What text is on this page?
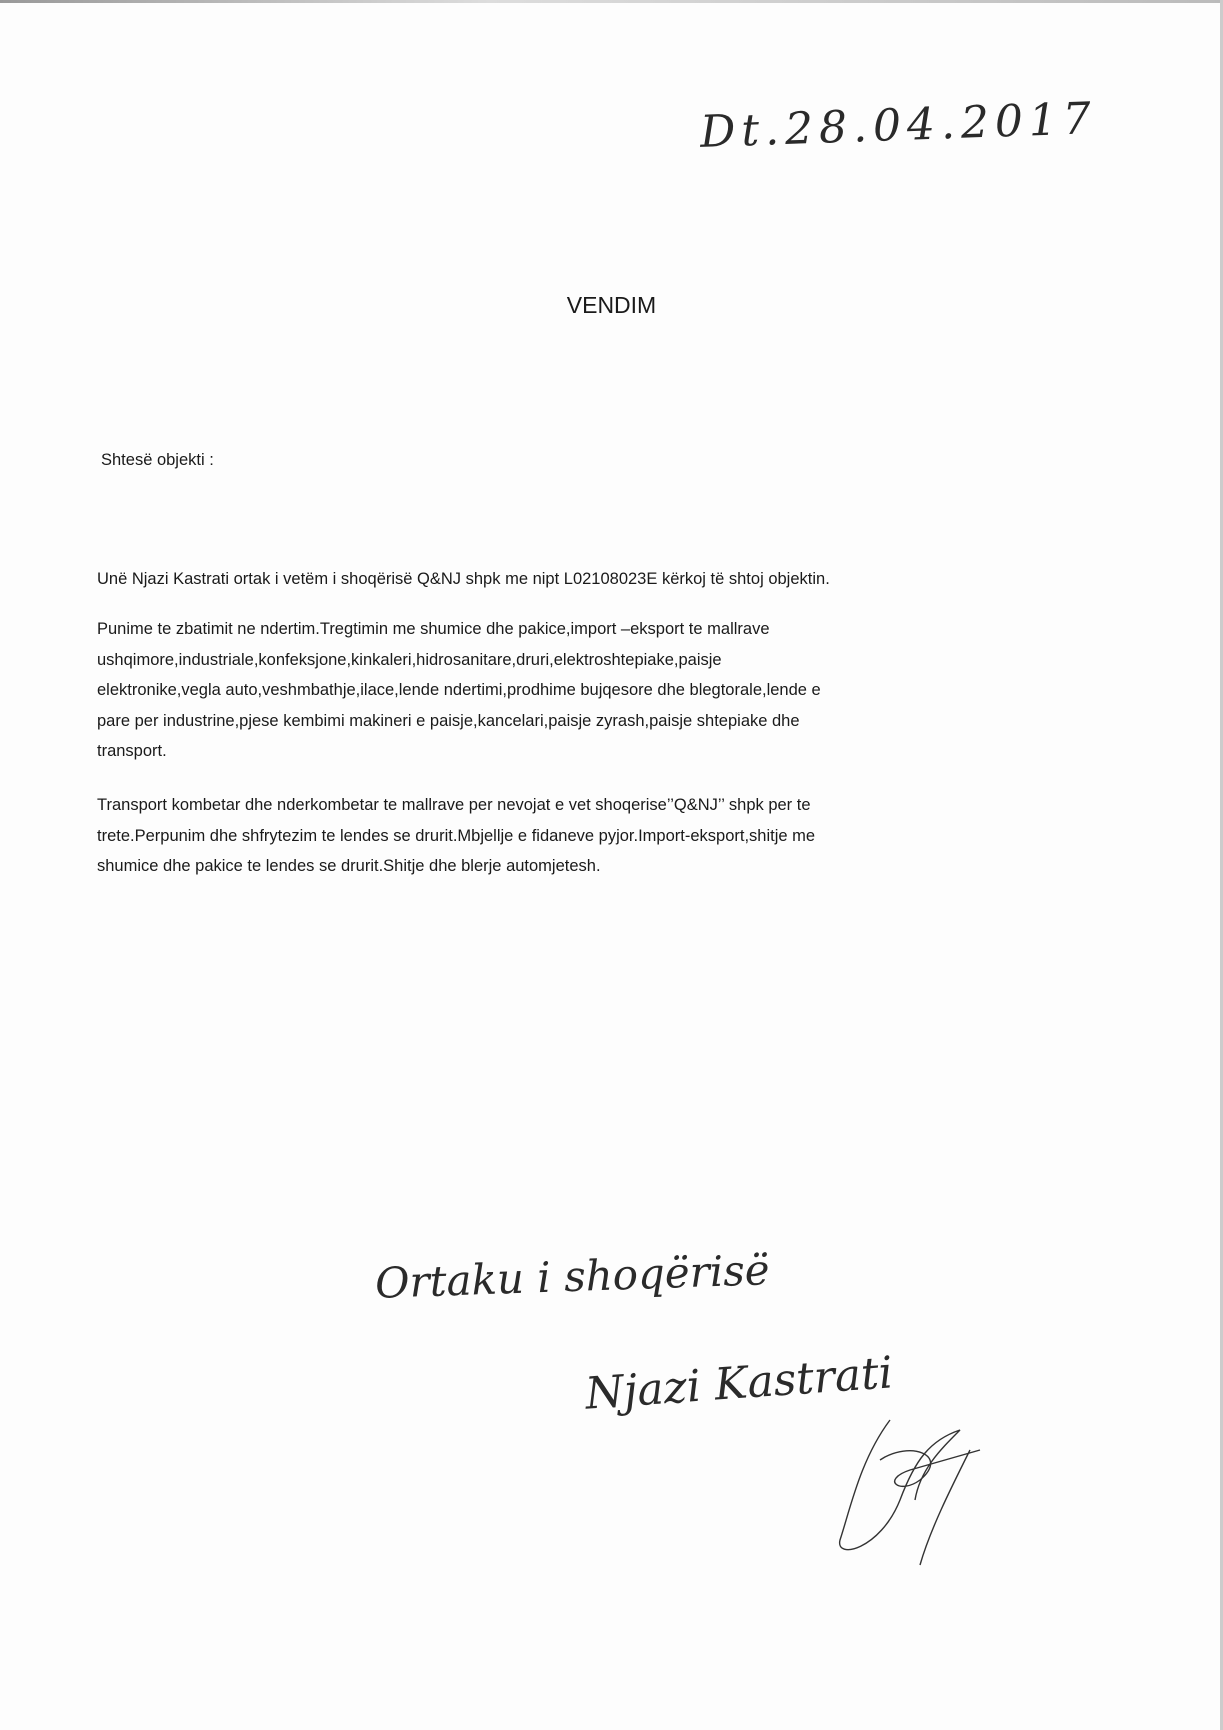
Dt.28.04.2017
VENDIM
Shtesë objekti :
Unë Njazi Kastrati ortak i vetëm i shoqërisë Q&NJ shpk me nipt L02108023E kërkoj të shtoj objektin.
Punime te zbatimit ne ndertim.Tregtimin me shumice dhe pakice,import –eksport te mallrave
ushqimore,industriale,konfeksjone,kinkaleri,hidrosanitare,druri,elektroshtepiake,paisje
elektronike,vegla auto,veshmbathje,ilace,lende ndertimi,prodhime bujqesore dhe blegtorale,lende e
pare per industrine,pjese kembimi makineri e paisje,kancelari,paisje zyrash,paisje shtepiake dhe
transport.
Transport kombetar dhe nderkombetar te mallrave per nevojat e vet shoqerise’’Q&NJ’’ shpk per te
trete.Perpunim dhe shfrytezim te lendes se drurit.Mbjellje e fidaneve pyjor.Import-eksport,shitje me
shumice dhe pakice te lendes se drurit.Shitje dhe blerje automjetesh.
Ortaku i shoqërisë
Njazi Kastrati
